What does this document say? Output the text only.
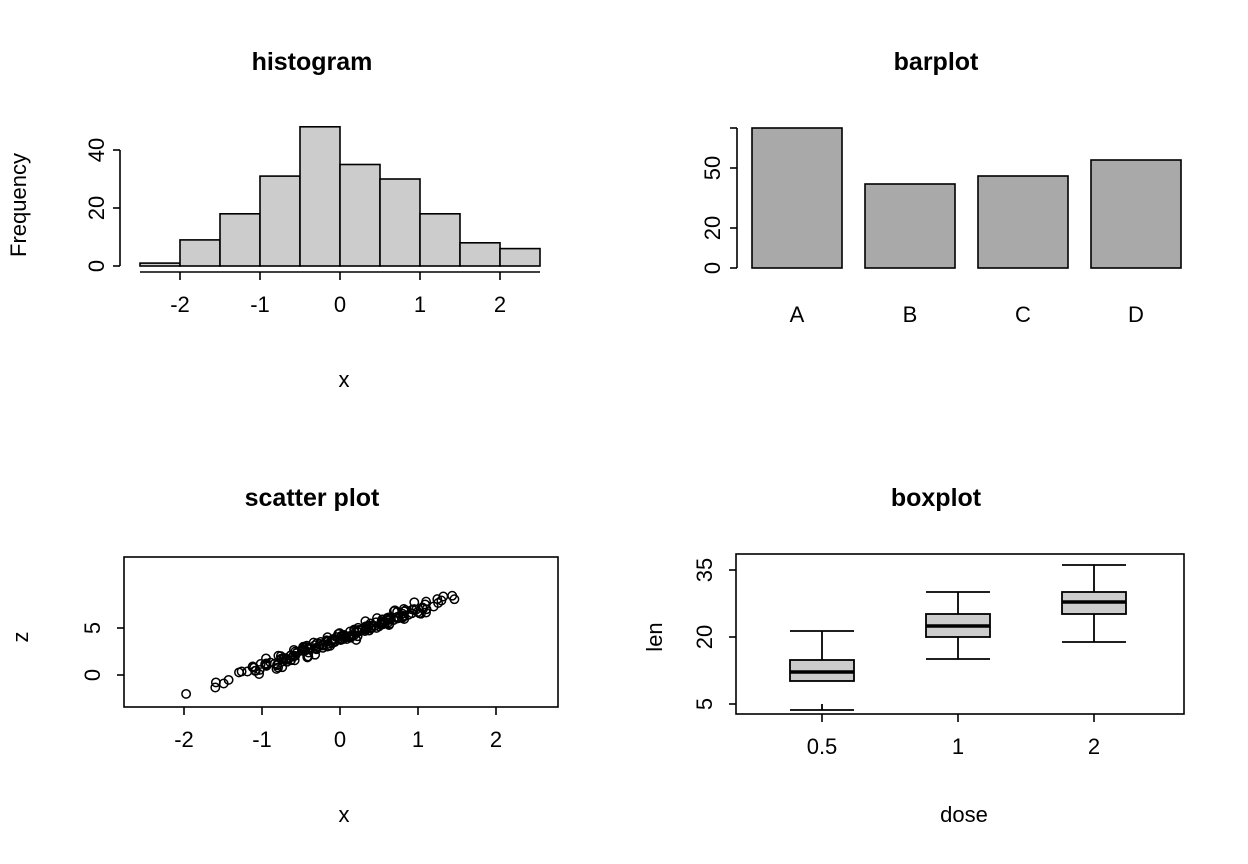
histogram
Frequency
0
20
40
-2	-1	0	1	2
x
barplot
0
20
50
A	B	C	D
scatter plot
z
0
5
-2	-1	0	1	2
x
boxplot
len
5
20
35
0.5	1	2
dose
